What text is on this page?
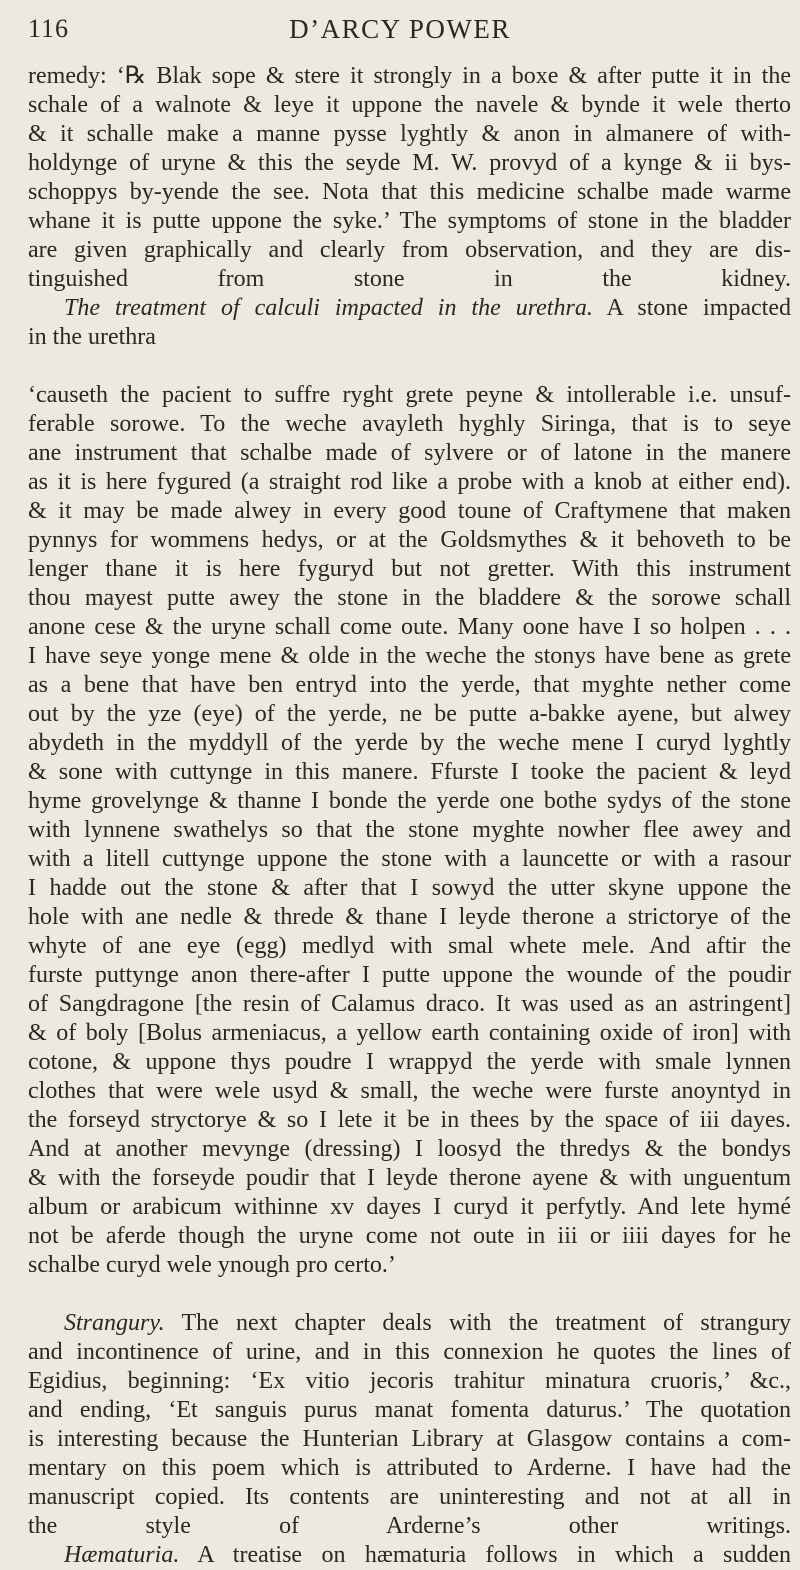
116	D’ARCY POWER
remedy: ‘℞ Blak sope & stere it strongly in a boxe & after putte it in the
schale of a walnote & leye it uppone the navele & bynde it wele therto
& it schalle make a manne pysse lyghtly & anon in almanere of with-
holdynge of uryne & this the seyde M. W. provyd of a kynge & ii bys-
schoppys by-yende the see. Nota that this medicine schalbe made warme
whane it is putte uppone the syke.’ The symptoms of stone in the bladder
are given graphically and clearly from observation, and they are dis-
tinguished from stone in the kidney.
The treatment of calculi impacted in the urethra. A stone impacted
in the urethra
‘causeth the pacient to suffre ryght grete peyne & intollerable i.e. unsuf-
ferable sorowe. To the weche avayleth hyghly Siringa, that is to seye
ane instrument that schalbe made of sylvere or of latone in the manere
as it is here fygured (a straight rod like a probe with a knob at either end).
& it may be made alwey in every good toune of Craftymene that maken
pynnys for wommens hedys, or at the Goldsmythes & it behoveth to be
lenger thane it is here fyguryd but not gretter. With this instrument
thou mayest putte awey the stone in the bladdere & the sorowe schall
anone cese & the uryne schall come oute. Many oone have I so holpen . . .
I have seye yonge mene & olde in the weche the stonys have bene as grete
as a bene that have ben entryd into the yerde, that myghte nether come
out by the yze (eye) of the yerde, ne be putte a-bakke ayene, but alwey
abydeth in the myddyll of the yerde by the weche mene I curyd lyghtly
& sone with cuttynge in this manere. Ffurste I tooke the pacient & leyd
hyme grovelynge & thanne I bonde the yerde one bothe sydys of the stone
with lynnene swathelys so that the stone myghte nowher flee awey and
with a litell cuttynge uppone the stone with a launcette or with a rasour
I hadde out the stone & after that I sowyd the utter skyne uppone the
hole with ane nedle & threde & thane I leyde therone a strictorye of the
whyte of ane eye (egg) medlyd with smal whete mele. And aftir the
furste puttynge anon there-after I putte uppone the wounde of the poudir
of Sangdragone [the resin of Calamus draco. It was used as an astringent]
& of boly [Bolus armeniacus, a yellow earth containing oxide of iron] with
cotone, & uppone thys poudre I wrappyd the yerde with smale lynnen
clothes that were wele usyd & small, the weche were furste anoyntyd in
the forseyd stryctorye & so I lete it be in thees by the space of iii dayes.
And at another mevynge (dressing) I loosyd the thredys & the bondys
& with the forseyde poudir that I leyde therone ayene & with unguentum
album or arabicum withinne xv dayes I curyd it perfytly. And lete hymé
not be aferde though the uryne come not oute in iii or iiii dayes for he
schalbe curyd wele ynough pro certo.’
Strangury. The next chapter deals with the treatment of strangury
and incontinence of urine, and in this connexion he quotes the lines of
Egidius, beginning: ‘Ex vitio jecoris trahitur minatura cruoris,’ &c.,
and ending, ‘Et sanguis purus manat fomenta daturus.’ The quotation
is interesting because the Hunterian Library at Glasgow contains a com-
mentary on this poem which is attributed to Arderne. I have had the
manuscript copied. Its contents are uninteresting and not at all in
the style of Arderne’s other writings.
Hæmaturia. A treatise on hæmaturia follows in which a sudden
